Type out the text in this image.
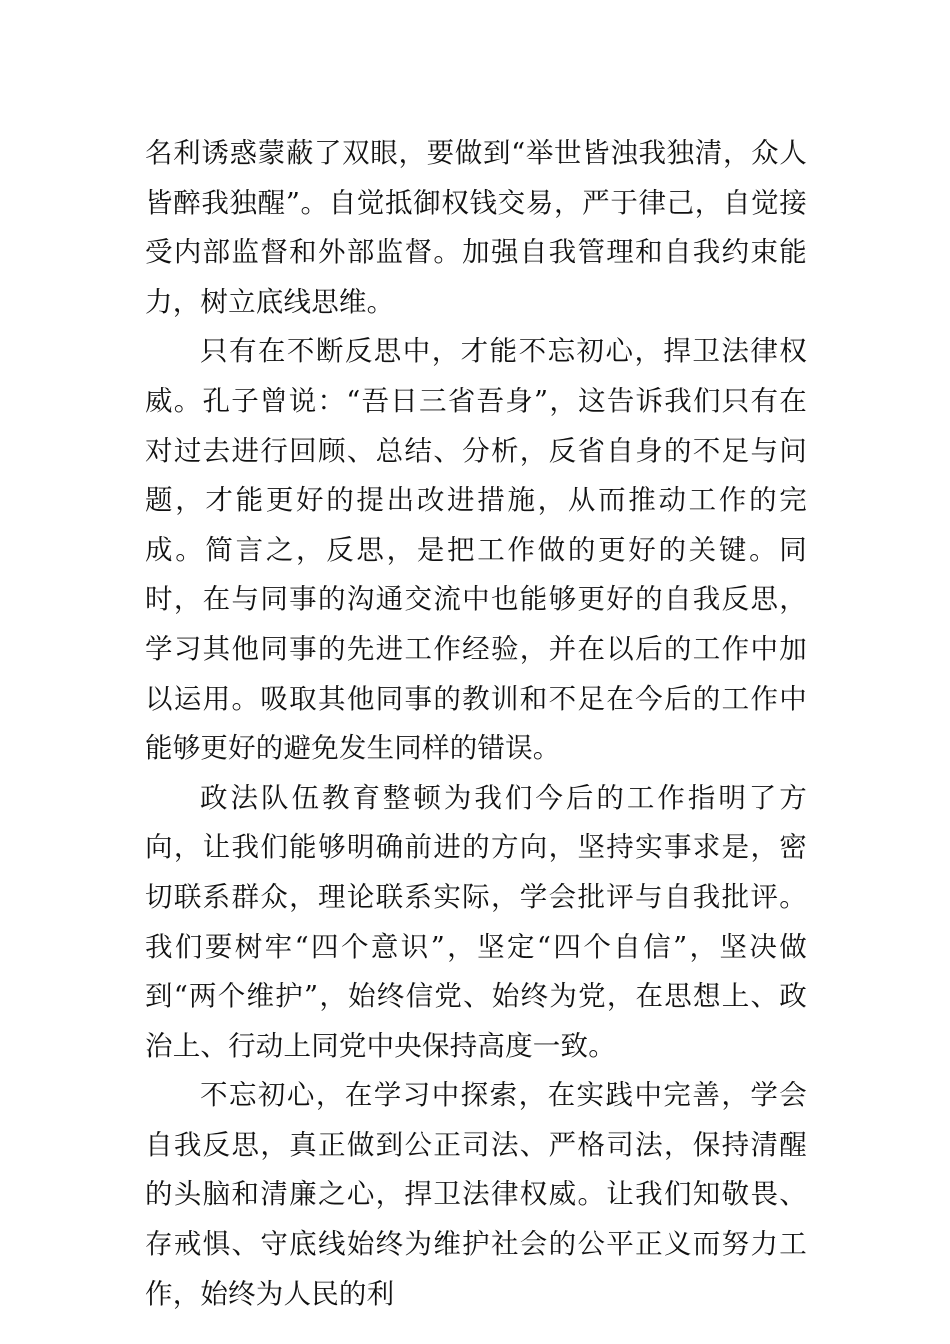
名利诱惑蒙蔽了双眼，要做到“举世皆浊我独清，众人皆醉我独醒”。自觉抵御权钱交易，严于律己，自觉接受内部监督和外部监督。加强自我管理和自我约束能力，树立底线思维。

只有在不断反思中，才能不忘初心，捍卫法律权威。孔子曾说：“吾日三省吾身”，这告诉我们只有在对过去进行回顾、总结、分析，反省自身的不足与问题，才能更好的提出改进措施，从而推动工作的完成。简言之，反思，是把工作做的更好的关键。同时，在与同事的沟通交流中也能够更好的自我反思，学习其他同事的先进工作经验，并在以后的工作中加以运用。吸取其他同事的教训和不足在今后的工作中能够更好的避免发生同样的错误。

政法队伍教育整顿为我们今后的工作指明了方向，让我们能够明确前进的方向，坚持实事求是，密切联系群众，理论联系实际，学会批评与自我批评。我们要树牢“四个意识”，坚定“四个自信”，坚决做到“两个维护”，始终信党、始终为党，在思想上、政治上、行动上同党中央保持高度一致。

不忘初心，在学习中探索，在实践中完善，学会自我反思，真正做到公正司法、严格司法，保持清醒的头脑和清廉之心，捍卫法律权威。让我们知敬畏、存戒惧、守底线始终为维护社会的公平正义而努力工作，始终为人民的利
